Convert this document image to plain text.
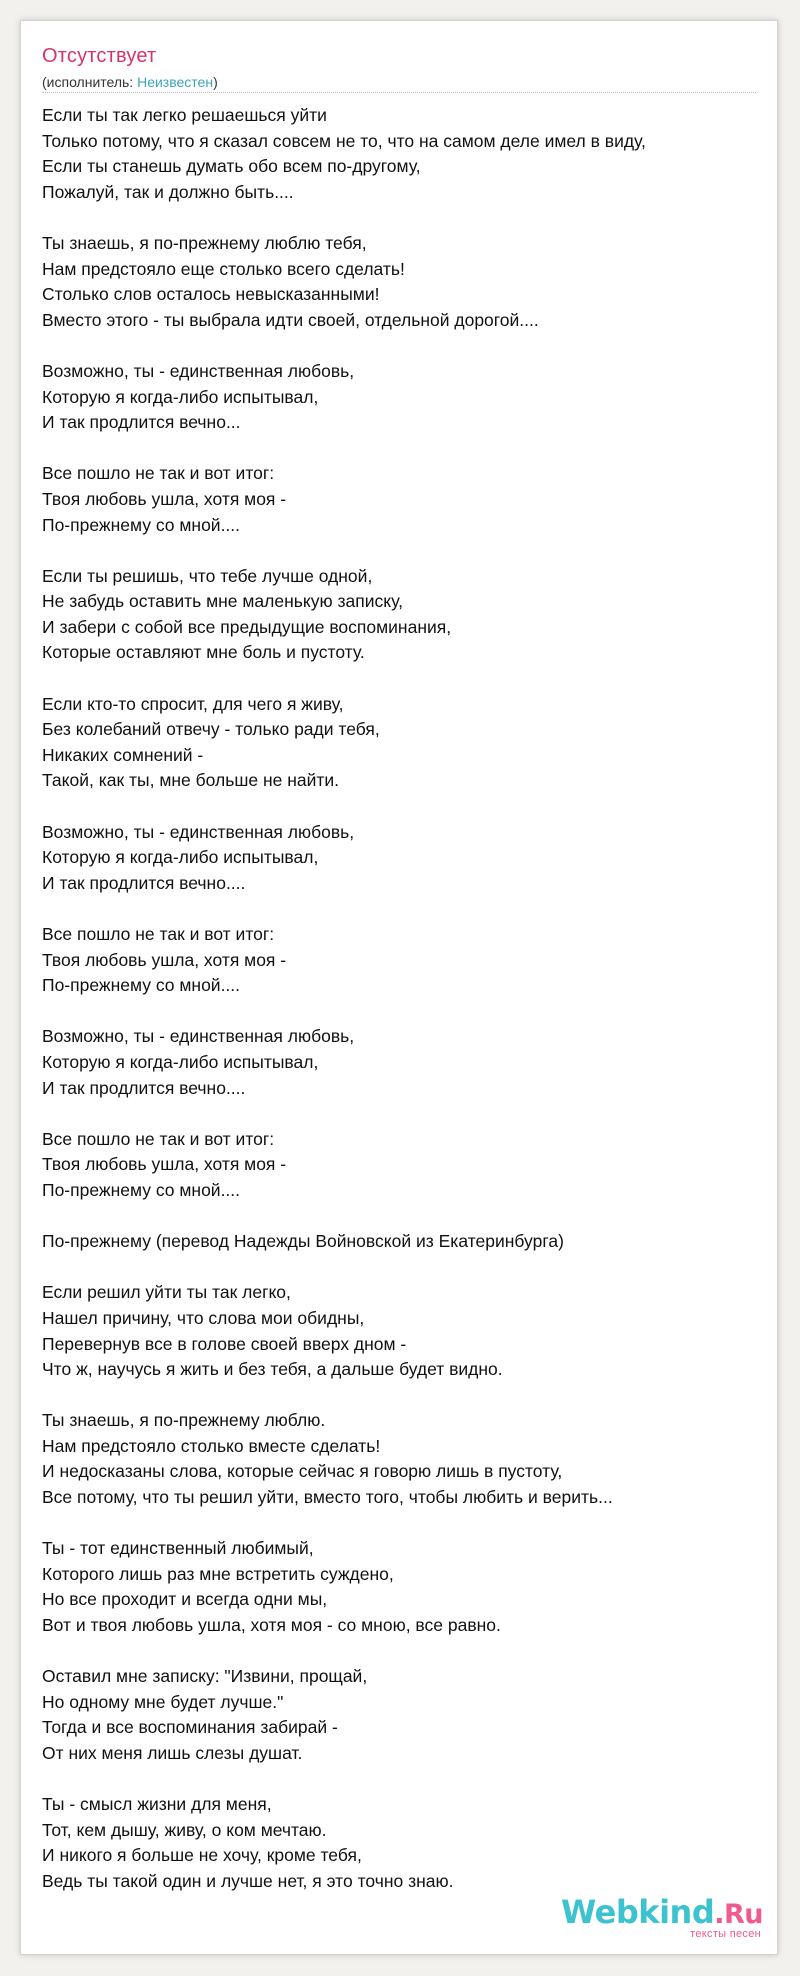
Отсутствует
(исполнитель: Неизвестен)
Если ты так легко решаешься уйти
Только потому, что я сказал совсем не то, что на самом деле имел в виду,
Если ты станешь думать обо всем по-другому,
Пожалуй, так и должно быть....
Ты знаешь, я по-прежнему люблю тебя,
Нам предстояло еще столько всего сделать!
Столько слов осталось невысказанными!
Вместо этого - ты выбрала идти своей, отдельной дорогой....
Возможно, ты - единственная любовь,
Которую я когда-либо испытывал,
И так продлится вечно...
Все пошло не так и вот итог:
Твоя любовь ушла, хотя моя -
По-прежнему со мной....
Если ты решишь, что тебе лучше одной,
Не забудь оставить мне маленькую записку,
И забери с собой все предыдущие воспоминания,
Которые оставляют мне боль и пустоту.
Если кто-то спросит, для чего я живу,
Без колебаний отвечу - только ради тебя,
Никаких сомнений -
Такой, как ты, мне больше не найти.
Возможно, ты - единственная любовь,
Которую я когда-либо испытывал,
И так продлится вечно....
Все пошло не так и вот итог:
Твоя любовь ушла, хотя моя -
По-прежнему со мной....
Возможно, ты - единственная любовь,
Которую я когда-либо испытывал,
И так продлится вечно....
Все пошло не так и вот итог:
Твоя любовь ушла, хотя моя -
По-прежнему со мной....
По-прежнему (перевод Надежды Войновской из Екатеринбурга)
Если решил уйти ты так легко,
Нашел причину, что слова мои обидны,
Перевернув все в голове своей вверх дном -
Что ж, научусь я жить и без тебя, а дальше будет видно.
Ты знаешь, я по-прежнему люблю.
Нам предстояло столько вместе сделать!
И недосказаны слова, которые сейчас я говорю лишь в пустоту,
Все потому, что ты решил уйти, вместо того, чтобы любить и верить...
Ты - тот единственный любимый,
Которого лишь раз мне встретить суждено,
Но все проходит и всегда одни мы,
Вот и твоя любовь ушла, хотя моя - со мною, все равно.
Оставил мне записку: "Извини, прощай,
Но одному мне будет лучше."
Тогда и все воспоминания забирай -
От них меня лишь слезы душат.
Ты - смысл жизни для меня,
Тот, кем дышу, живу, о ком мечтаю.
И никого я больше не хочу, кроме тебя,
Ведь ты такой один и лучше нет, я это точно знаю.
Webkind.Ru
тексты песен
